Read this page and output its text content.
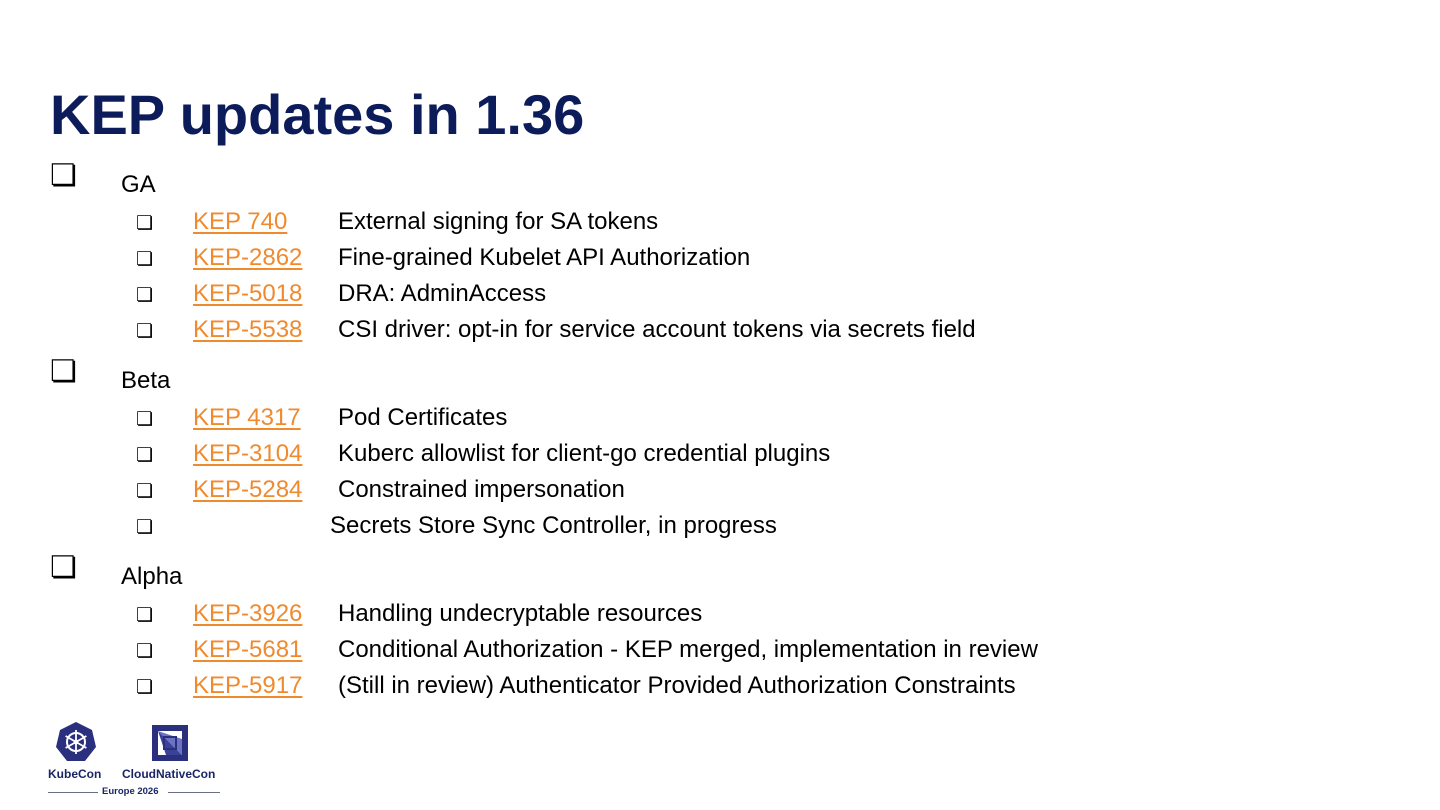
KEP updates in 1.36
❏ GA
❏ KEP 740 External signing for SA tokens
❏ KEP-2862 Fine-grained Kubelet API Authorization
❏ KEP-5018 DRA: AdminAccess
❏ KEP-5538 CSI driver: opt-in for service account tokens via secrets field
❏ Beta
❏ KEP 4317 Pod Certificates
❏ KEP-3104 Kuberc allowlist for client-go credential plugins
❏ KEP-5284 Constrained impersonation
❏	Secrets Store Sync Controller, in progress
❏ Alpha
❏ KEP-3926 Handling undecryptable resources
❏ KEP-5681 Conditional Authorization - KEP merged, implementation in review
❏ KEP-5917 (Still in review) Authenticator Provided Authorization Constraints
KubeCon CloudNativeCon
Europe 2026
